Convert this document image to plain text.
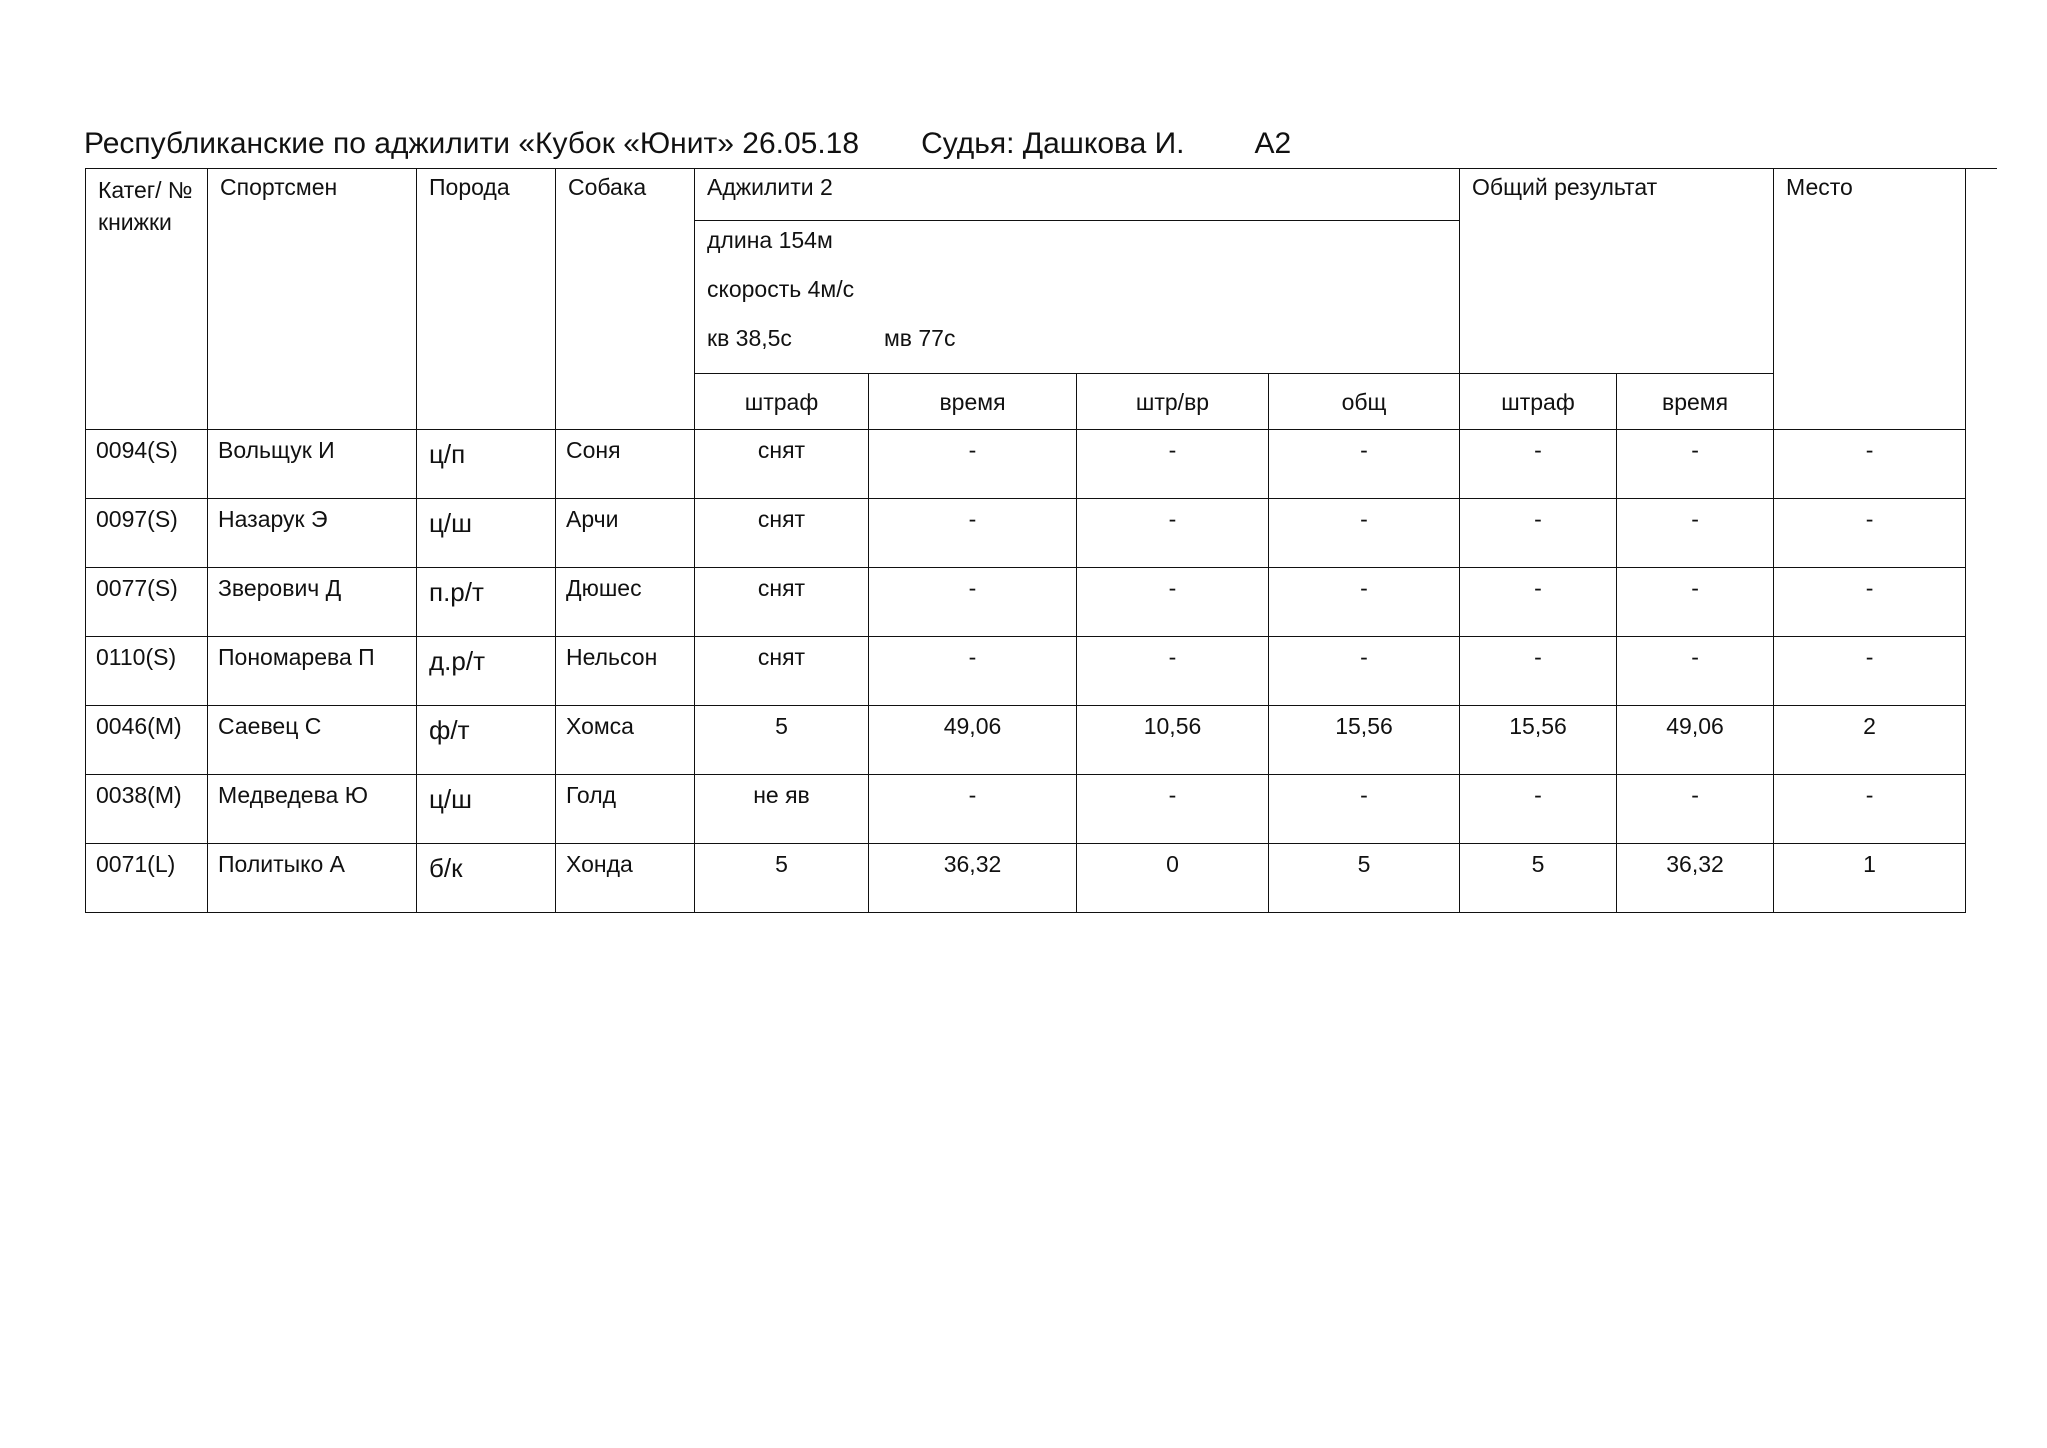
Республиканские по аджилити «Кубок «Юнит» 26.05.18 Судья: Дашкова И. А2
Катег/ № книжки	Спортсмен	Порода	Собака	Аджилити 2				Общий результат		Место

				длина 154м
скорость 4м/с
кв 38,5с мв 77с						

				штраф	время	штр/вр	общ	штраф	время	
0094(S)	Вольщук И	ц/п	Соня	снят	-	-	-	-	-	-
0097(S)	Назарук Э	ц/ш	Арчи	снят	-	-	-	-	-	-
0077(S)	Зверович Д	п.р/т	Дюшес	снят	-	-	-	-	-	-
0110(S)	Пономарева П	д.р/т	Нельсон	снят	-	-	-	-	-	-
0046(M)	Саевец С	ф/т	Хомса	5	49,06	10,56	15,56	15,56	49,06	2
0038(M)	Медведева Ю	ц/ш	Голд	не яв	-	-	-	-	-	-
0071(L)	Политыко А	б/к	Хонда	5	36,32	0	5	5	36,32	1
